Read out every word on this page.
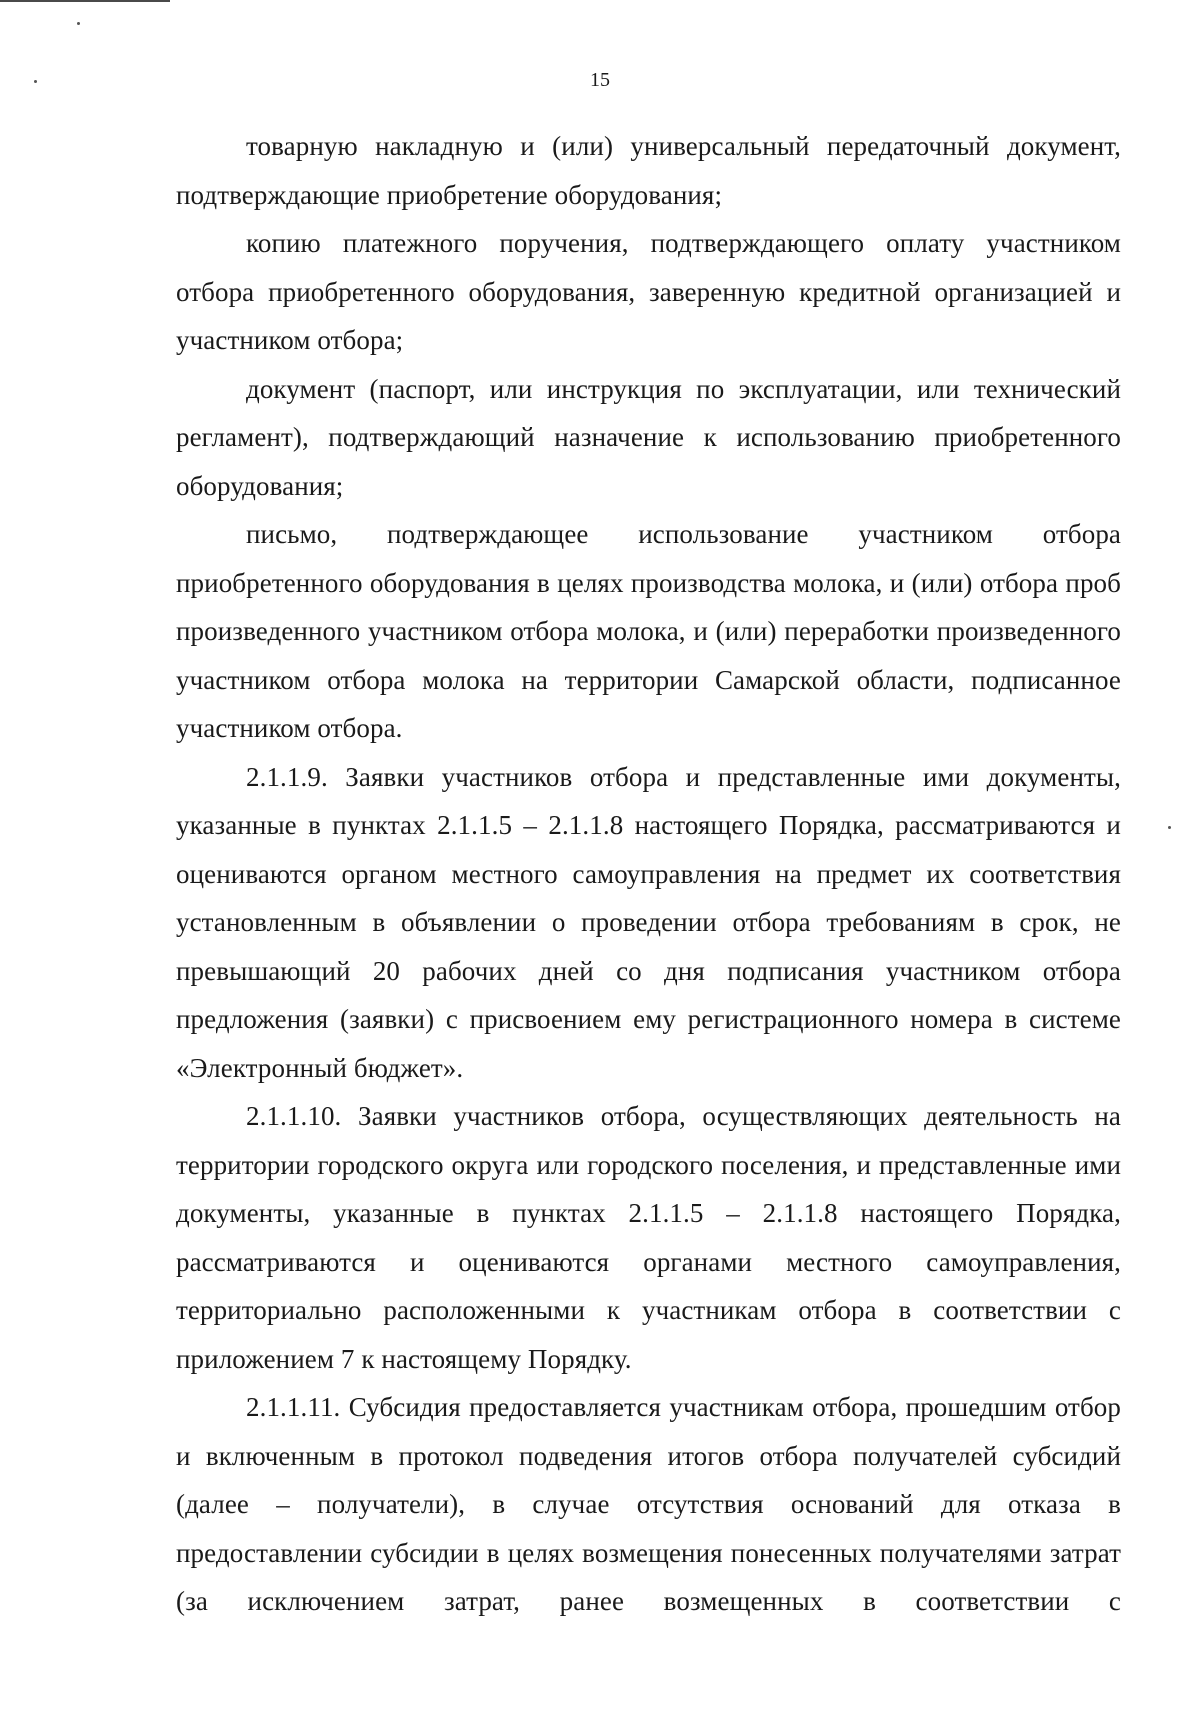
15

товарную накладную и (или) универсальный передаточный документ, подтверждающие приобретение оборудования;

копию платежного поручения, подтверждающего оплату участником отбора приобретенного оборудования, заверенную кредитной организацией и участником отбора;

документ (паспорт, или инструкция по эксплуатации, или технический регламент), подтверждающий назначение к использованию приобретенного оборудования;

письмо, подтверждающее использование участником отбора приобретенного оборудования в целях производства молока, и (или) отбора проб произведенного участником отбора молока, и (или) переработки произведенного участником отбора молока на территории Самарской области, подписанное участником отбора.

2.1.1.9. Заявки участников отбора и представленные ими документы, указанные в пунктах 2.1.1.5 – 2.1.1.8 настоящего Порядка, рассматриваются и оцениваются органом местного самоуправления на предмет их соответствия установленным в объявлении о проведении отбора требованиям в срок, не превышающий 20 рабочих дней со дня подписания участником отбора предложения (заявки) с присвоением ему регистрационного номера в системе «Электронный бюджет».

2.1.1.10. Заявки участников отбора, осуществляющих деятельность на территории городского округа или городского поселения, и представленные ими документы, указанные в пунктах 2.1.1.5 – 2.1.1.8 настоящего Порядка, рассматриваются и оцениваются органами местного самоуправления, территориально расположенными к участникам отбора в соответствии с приложением 7 к настоящему Порядку.

2.1.1.11. Субсидия предоставляется участникам отбора, прошедшим отбор и включенным в протокол подведения итогов отбора получателей субсидий (далее – получатели), в случае отсутствия оснований для отказа в предоставлении субсидии в целях возмещения понесенных получателями затрат (за исключением затрат, ранее возмещенных в соответствии с
